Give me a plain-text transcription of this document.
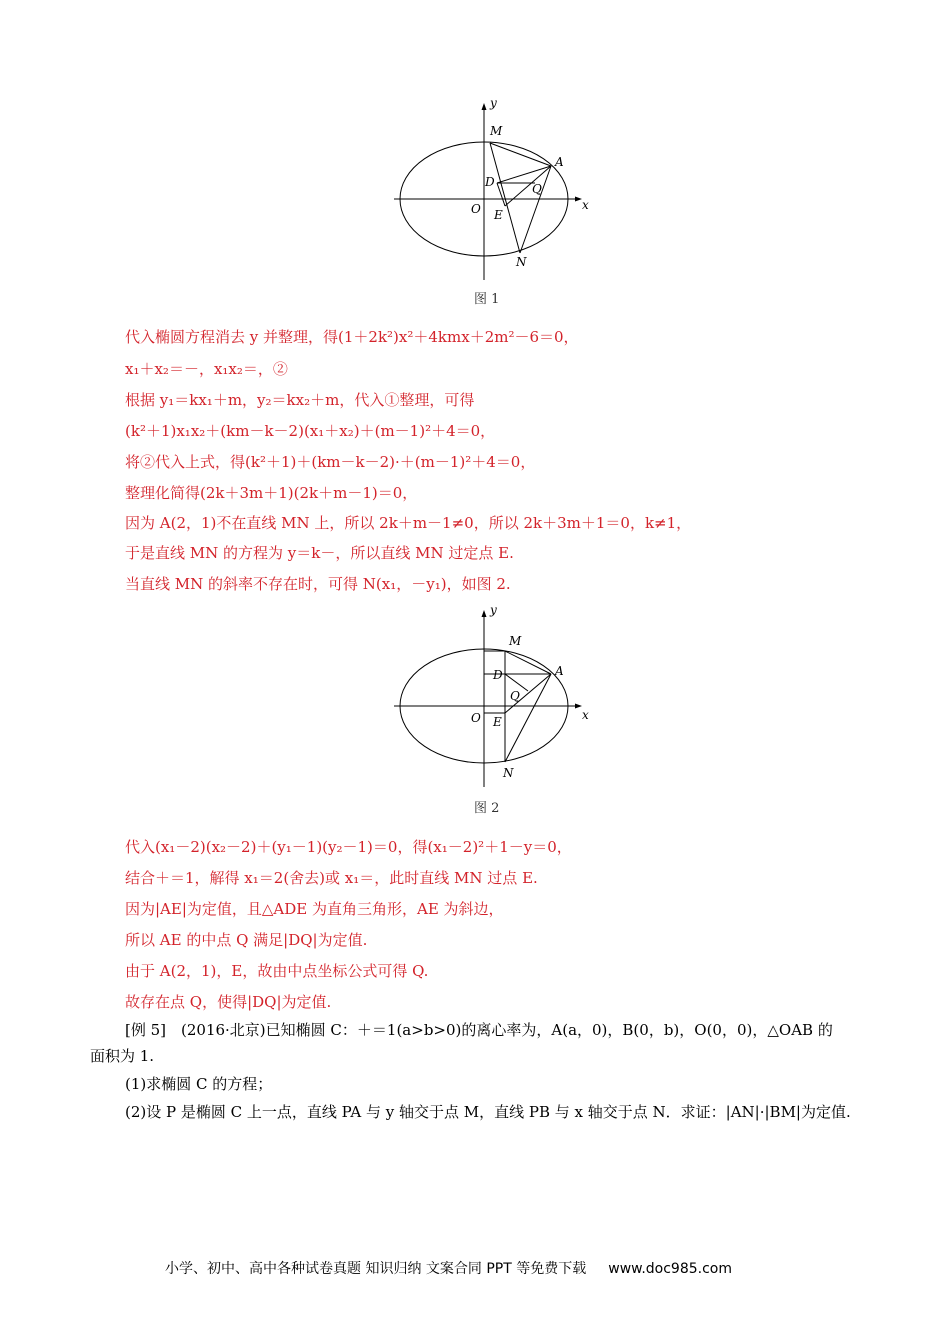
y
x
M
A
D	Q
O E
N
图 1
代入椭圆方程消去 y 并整理，得(1＋2k²)x²＋4kmx＋2m²－6＝0，
x₁＋x₂＝－，x₁x₂＝，②
根据 y₁＝kx₁＋m，y₂＝kx₂＋m，代入①整理，可得
(k²＋1)x₁x₂＋(km－k－2)(x₁＋x₂)＋(m－1)²＋4＝0，
将②代入上式，得(k²＋1)＋(km－k－2)·＋(m－1)²＋4＝0，
整理化简得(2k＋3m＋1)(2k＋m－1)＝0，
因为 A(2，1)不在直线 MN 上，所以 2k＋m－1≠0，所以 2k＋3m＋1＝0，k≠1，
于是直线 MN 的方程为 y＝k－，所以直线 MN 过定点 E.
当直线 MN 的斜率不存在时，可得 N(x₁，－y₁)，如图 2.
y
x
M
A
D
Q
O E
N
图 2
代入(x₁－2)(x₂－2)＋(y₁－1)(y₂－1)＝0，得(x₁－2)²＋1－y＝0，
结合＋＝1，解得 x₁＝2(舍去)或 x₁＝，此时直线 MN 过点 E.
因为|AE|为定值，且△ADE 为直角三角形，AE 为斜边，
所以 AE 的中点 Q 满足|DQ|为定值.
由于 A(2，1)，E，故由中点坐标公式可得 Q.
故存在点 Q，使得|DQ|为定值.
[例 5]　(2016·北京)已知椭圆 C：＋＝1(a>b>0)的离心率为，A(a，0)，B(0，b)，O(0，0)，△OAB 的
面积为 1.
(1)求椭圆 C 的方程；
(2)设 P 是椭圆 C 上一点，直线 PA 与 y 轴交于点 M，直线 PB 与 x 轴交于点 N．求证：|AN|·|BM|为定值.
小学、初中、高中各种试卷真题 知识归纳 文案合同 PPT 等免费下载 www.doc985.com
